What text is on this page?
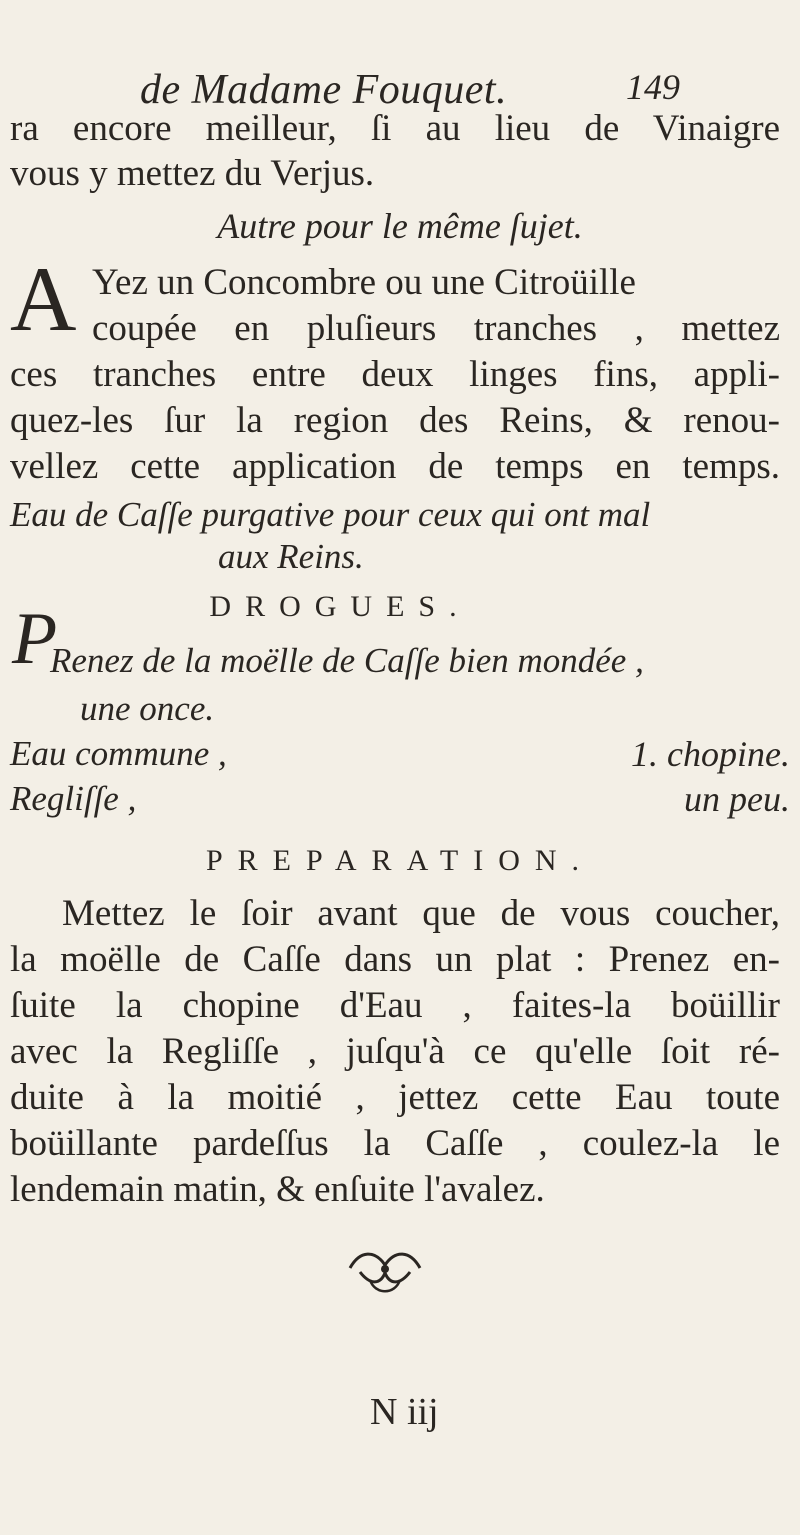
de Madame Fouquet.	149
ra encore meilleur, ſi au lieu de Vinaigre
vous y mettez du Verjus.
Autre pour le même ſujet.
A Yez un Concombre ou une Citroüille
coupée en pluſieurs tranches , mettez
ces tranches entre deux linges fins, appli-
quez-les ſur la region des Reins, & renou-
vellez cette application de temps en temps.
Eau de Caſſe purgative pour ceux qui ont mal
aux Reins.
DROGUES.
P
Renez de la moëlle de Caſſe bien mondée ,
une once.
Eau commune ,	1. chopine.
Regliſſe ,	un peu.
PREPARATION.
Mettez le ſoir avant que de vous coucher,
la moëlle de Caſſe dans un plat : Prenez en-
ſuite la chopine d'Eau , faites-la boüillir
avec la Regliſſe , juſqu'à ce qu'elle ſoit ré-
duite à la moitié , jettez cette Eau toute
boüillante pardeſſus la Caſſe , coulez-la le
lendemain matin, & enſuite l'avalez.
N iij
